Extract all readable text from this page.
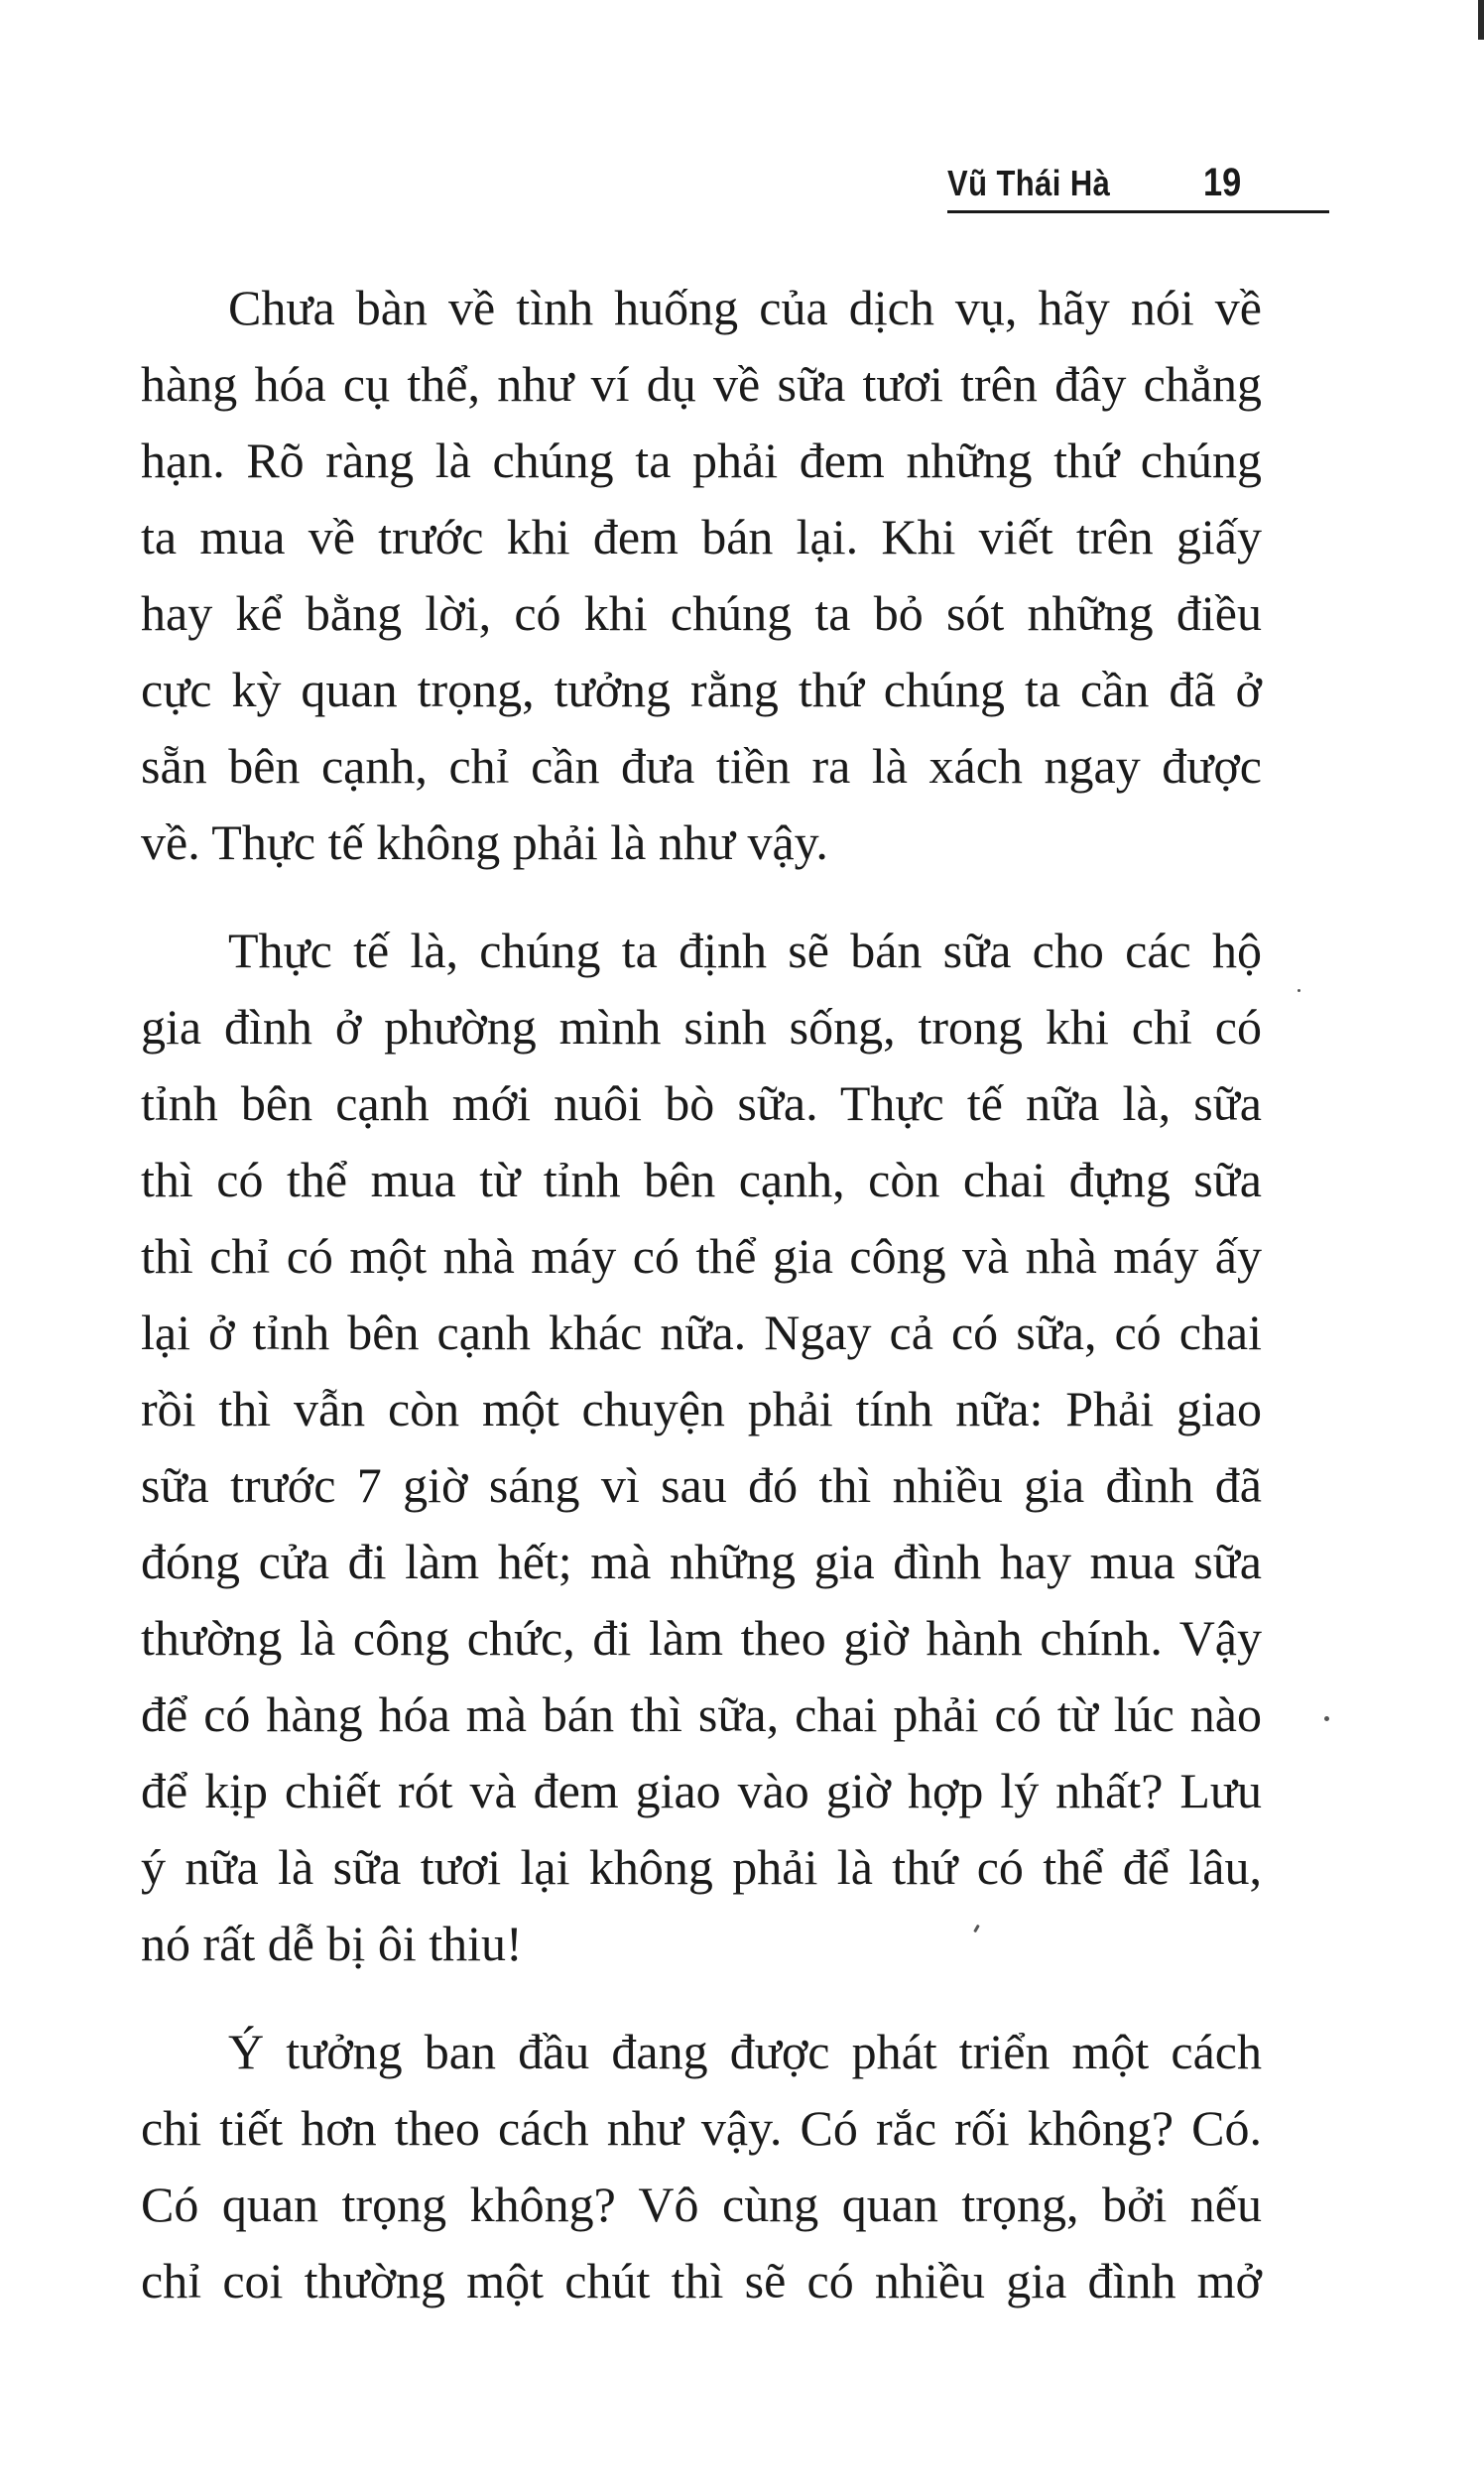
Vũ Thái Hà 19
Chưa bàn về tình huống của dịch vụ, hãy nói về
hàng hóa cụ thể, như ví dụ về sữa tươi trên đây chẳng
hạn. Rõ ràng là chúng ta phải đem những thứ chúng
ta mua về trước khi đem bán lại. Khi viết trên giấy
hay kể bằng lời, có khi chúng ta bỏ sót những điều
cực kỳ quan trọng, tưởng rằng thứ chúng ta cần đã ở
sẵn bên cạnh, chỉ cần đưa tiền ra là xách ngay được
về. Thực tế không phải là như vậy.
Thực tế là, chúng ta định sẽ bán sữa cho các hộ
gia đình ở phường mình sinh sống, trong khi chỉ có
tỉnh bên cạnh mới nuôi bò sữa. Thực tế nữa là, sữa
thì có thể mua từ tỉnh bên cạnh, còn chai đựng sữa
thì chỉ có một nhà máy có thể gia công và nhà máy ấy
lại ở tỉnh bên cạnh khác nữa. Ngay cả có sữa, có chai
rồi thì vẫn còn một chuyện phải tính nữa: Phải giao
sữa trước 7 giờ sáng vì sau đó thì nhiều gia đình đã
đóng cửa đi làm hết; mà những gia đình hay mua sữa
thường là công chức, đi làm theo giờ hành chính. Vậy
để có hàng hóa mà bán thì sữa, chai phải có từ lúc nào
để kịp chiết rót và đem giao vào giờ hợp lý nhất? Lưu
ý nữa là sữa tươi lại không phải là thứ có thể để lâu,
nó rất dễ bị ôi thiu!
Ý tưởng ban đầu đang được phát triển một cách
chi tiết hơn theo cách như vậy. Có rắc rối không? Có.
Có quan trọng không? Vô cùng quan trọng, bởi nếu
chỉ coi thường một chút thì sẽ có nhiều gia đình mở
